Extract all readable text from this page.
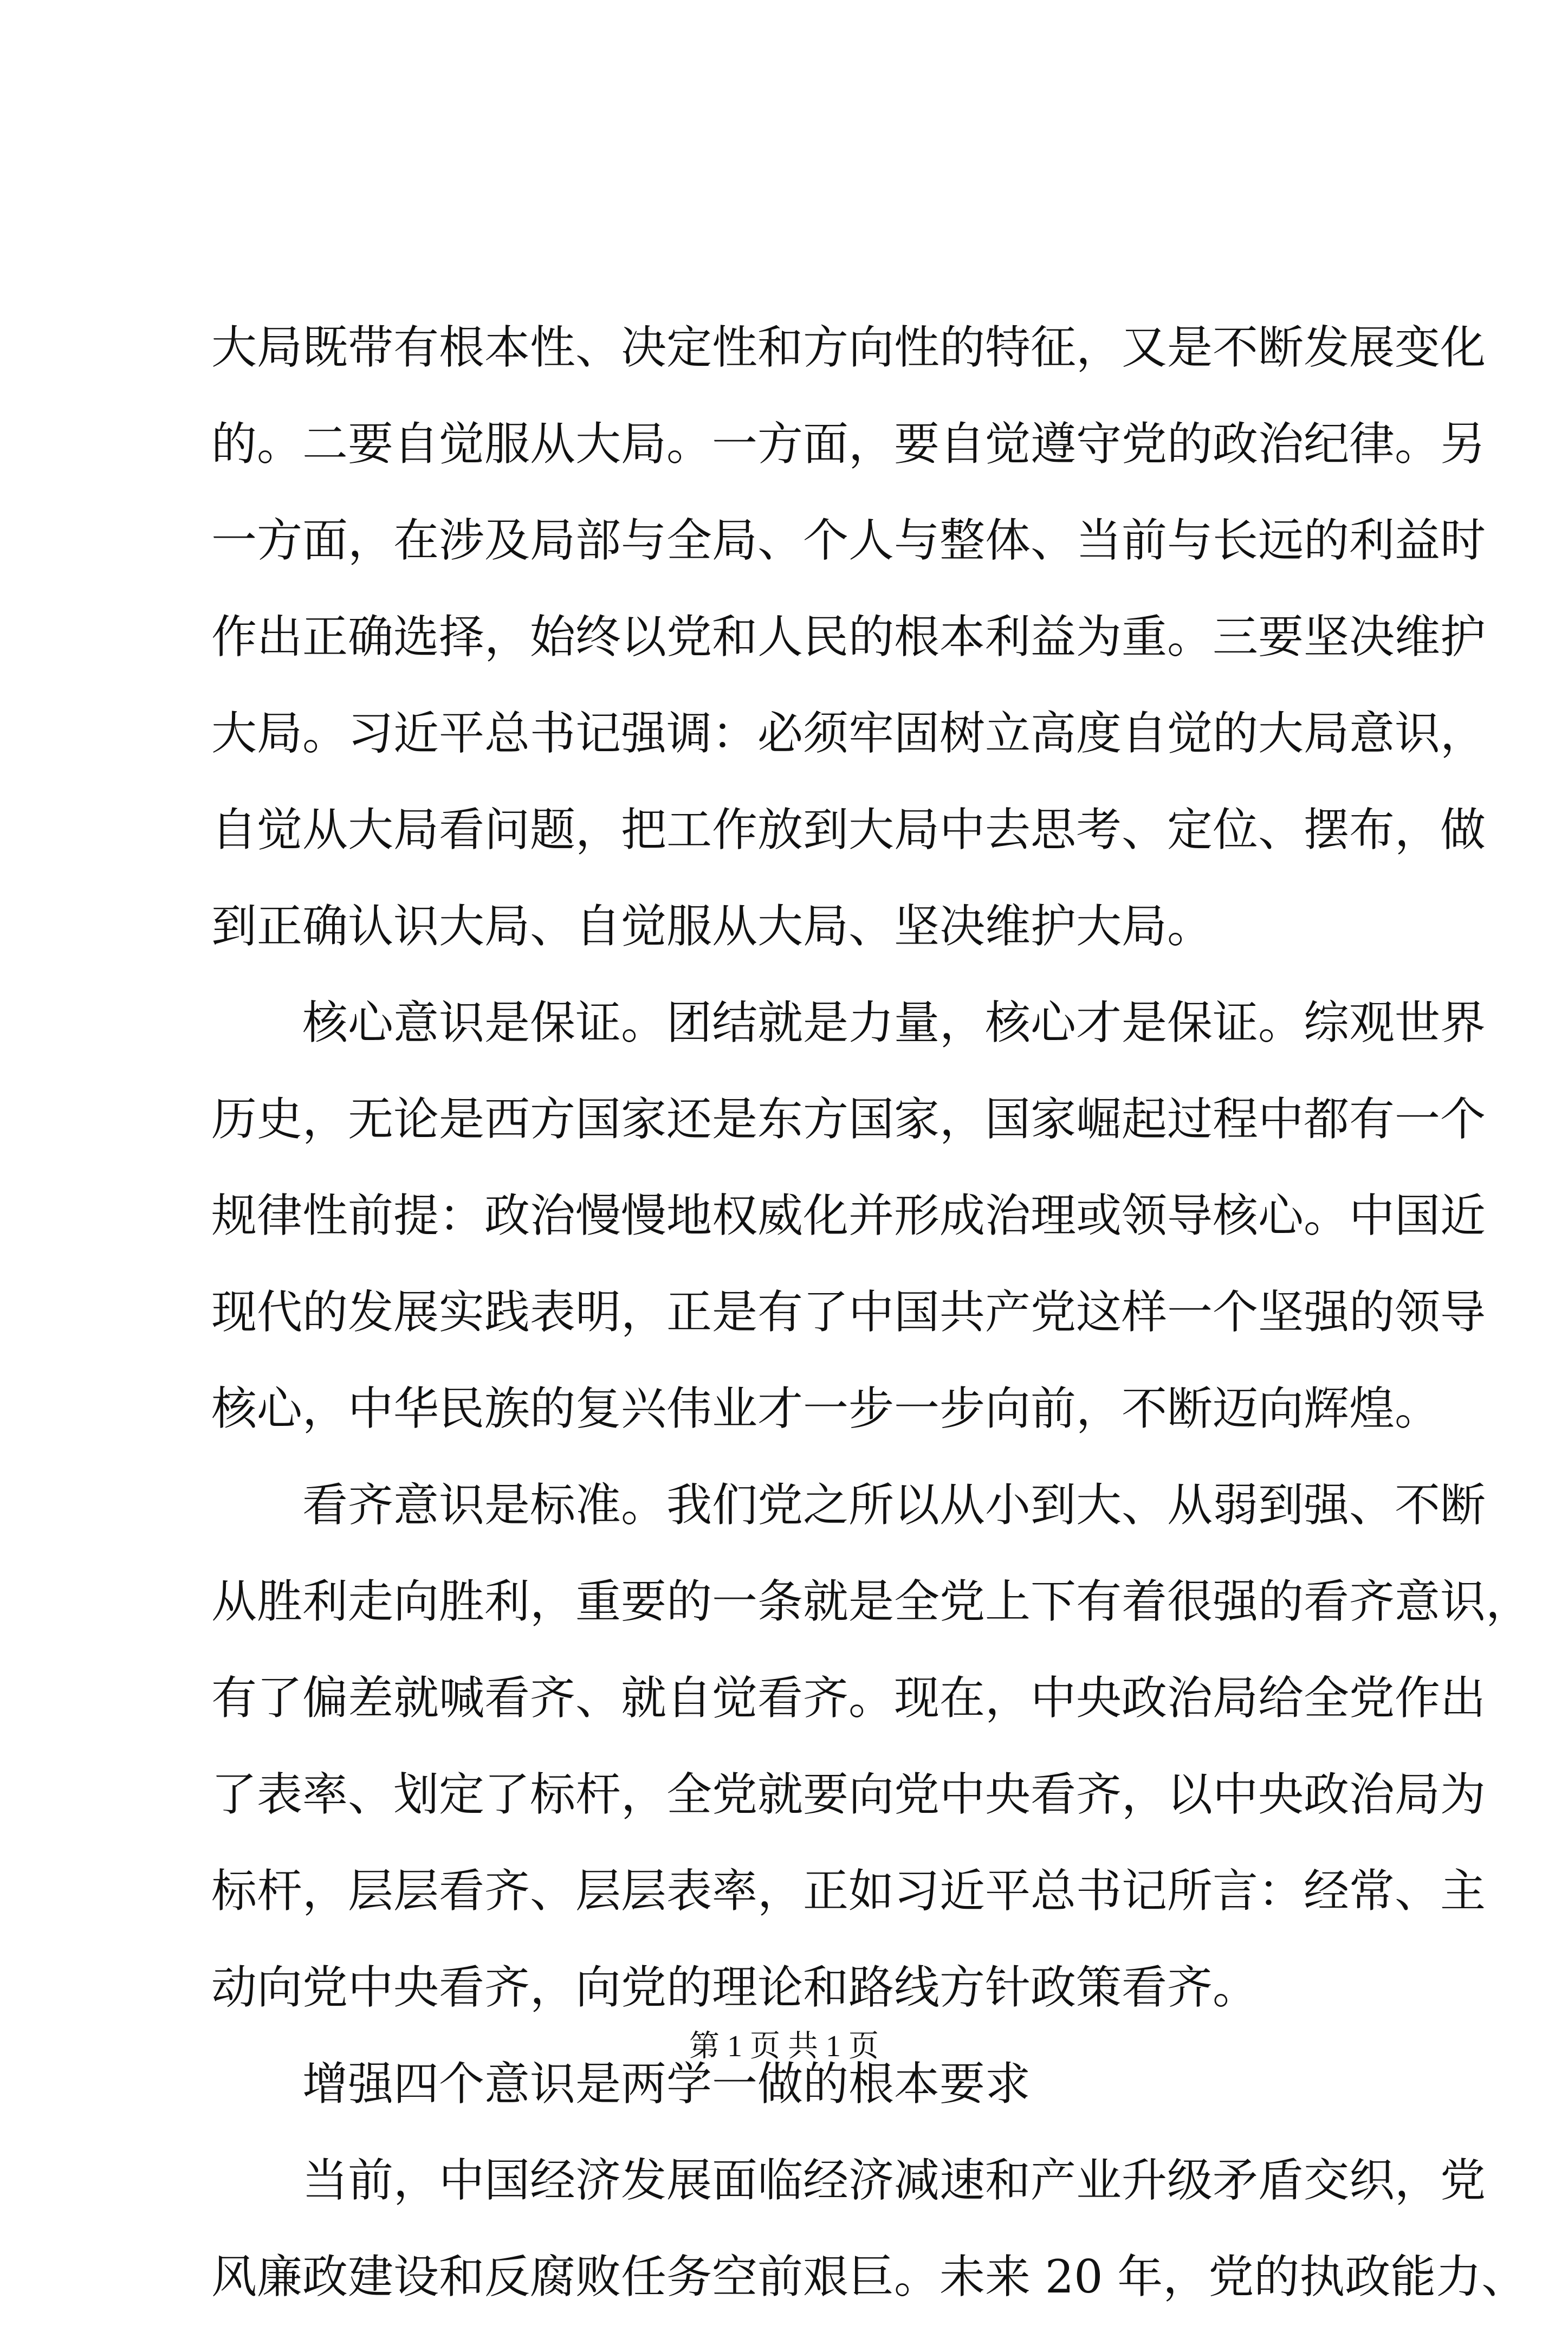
大局既带有根本性、决定性和方向性的特征，又是不断发展变化
的。二要自觉服从大局。一方面，要自觉遵守党的政治纪律。另
一方面，在涉及局部与全局、个人与整体、当前与长远的利益时
作出正确选择，始终以党和人民的根本利益为重。三要坚决维护
大局。习近平总书记强调：必须牢固树立高度自觉的大局意识，
自觉从大局看问题，把工作放到大局中去思考、定位、摆布，做
到正确认识大局、自觉服从大局、坚决维护大局。
核心意识是保证。团结就是力量，核心才是保证。综观世界
历史，无论是西方国家还是东方国家，国家崛起过程中都有一个
规律性前提：政治慢慢地权威化并形成治理或领导核心。中国近
现代的发展实践表明，正是有了中国共产党这样一个坚强的领导
核心，中华民族的复兴伟业才一步一步向前，不断迈向辉煌。
看齐意识是标准。我们党之所以从小到大、从弱到强、不断
从胜利走向胜利，重要的一条就是全党上下有着很强的看齐意识，
有了偏差就喊看齐、就自觉看齐。现在，中央政治局给全党作出
了表率、划定了标杆，全党就要向党中央看齐，以中央政治局为
标杆，层层看齐、层层表率，正如习近平总书记所言：经常、主
动向党中央看齐，向党的理论和路线方针政策看齐。
增强四个意识是两学一做的根本要求
当前，中国经济发展面临经济减速和产业升级矛盾交织，党
风廉政建设和反腐败任务空前艰巨。未来 20 年，党的执政能力、
第 1 页 共 1 页
